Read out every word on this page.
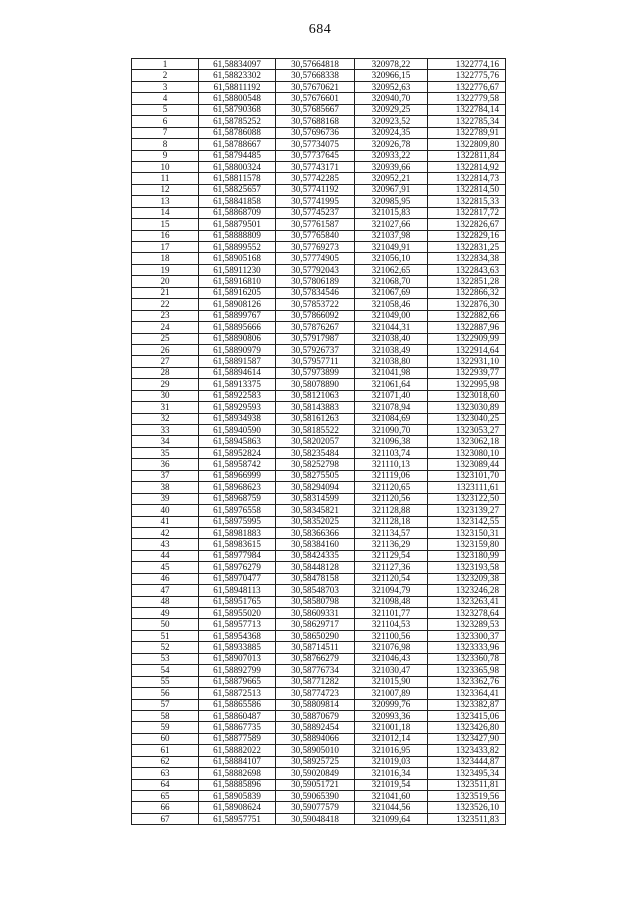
684
1	61,58834097	30,57664818	320978,22	1322774,16
2	61,58823302	30,57668338	320966,15	1322775,76
3	61,58811192	30,57670621	320952,63	1322776,67
4	61,58800548	30,57676601	320940,70	1322779,58
5	61,58790368	30,57685667	320929,25	1322784,14
6	61,58785252	30,57688168	320923,52	1322785,34
7	61,58786088	30,57696736	320924,35	1322789,91
8	61,58788667	30,57734075	320926,78	1322809,80
9	61,58794485	30,57737645	320933,22	1322811,84
10	61,58800324	30,57743171	320939,66	1322814,92
11	61,58811578	30,57742285	320952,21	1322814,73
12	61,58825657	30,57741192	320967,91	1322814,50
13	61,58841858	30,57741995	320985,95	1322815,33
14	61,58868709	30,57745237	321015,83	1322817,72
15	61,58879501	30,57761587	321027,66	1322826,67
16	61,58888809	30,57765840	321037,98	1322829,16
17	61,58899552	30,57769273	321049,91	1322831,25
18	61,58905168	30,57774905	321056,10	1322834,38
19	61,58911230	30,57792043	321062,65	1322843,63
20	61,58916810	30,57806189	321068,70	1322851,28
21	61,58916205	30,57834546	321067,69	1322866,32
22	61,58908126	30,57853722	321058,46	1322876,30
23	61,58899767	30,57866092	321049,00	1322882,66
24	61,58895666	30,57876267	321044,31	1322887,96
25	61,58890806	30,57917987	321038,40	1322909,99
26	61,58890979	30,57926737	321038,49	1322914,64
27	61,58891587	30,57957711	321038,80	1322931,10
28	61,58894614	30,57973899	321041,98	1322939,77
29	61,58913375	30,58078890	321061,64	1322995,98
30	61,58922583	30,58121063	321071,40	1323018,60
31	61,58929593	30,58143883	321078,94	1323030,89
32	61,58934938	30,58161263	321084,69	1323040,25
33	61,58940590	30,58185522	321090,70	1323053,27
34	61,58945863	30,58202057	321096,38	1323062,18
35	61,58952824	30,58235484	321103,74	1323080,10
36	61,58958742	30,58252798	321110,13	1323089,44
37	61,58966999	30,58275505	321119,06	1323101,70
38	61,58968623	30,58294094	321120,65	1323111,61
39	61,58968759	30,58314599	321120,56	1323122,50
40	61,58976558	30,58345821	321128,88	1323139,27
41	61,58975995	30,58352025	321128,18	1323142,55
42	61,58981883	30,58366366	321134,57	1323150,31
43	61,58983615	30,58384160	321136,29	1323159,80
44	61,58977984	30,58424335	321129,54	1323180,99
45	61,58976279	30,58448128	321127,36	1323193,58
46	61,58970477	30,58478158	321120,54	1323209,38
47	61,58948113	30,58548703	321094,79	1323246,28
48	61,58951765	30,58580798	321098,48	1323263,41
49	61,58955020	30,58609331	321101,77	1323278,64
50	61,58957713	30,58629717	321104,53	1323289,53
51	61,58954368	30,58650290	321100,56	1323300,37
52	61,58933885	30,58714511	321076,98	1323333,96
53	61,58907013	30,58766279	321046,43	1323360,78
54	61,58892799	30,58776734	321030,47	1323365,98
55	61,58879665	30,58771282	321015,90	1323362,76
56	61,58872513	30,58774723	321007,89	1323364,41
57	61,58865586	30,58809814	320999,76	1323382,87
58	61,58860487	30,58870679	320993,36	1323415,06
59	61,58867735	30,58892454	321001,18	1323426,80
60	61,58877589	30,58894066	321012,14	1323427,90
61	61,58882022	30,58905010	321016,95	1323433,82
62	61,58884107	30,58925725	321019,03	1323444,87
63	61,58882698	30,59020849	321016,34	1323495,34
64	61,58885896	30,59051721	321019,54	1323511,81
65	61,58905839	30,59065390	321041,60	1323519,56
66	61,58908624	30,59077579	321044,56	1323526,10
67	61,58957751	30,59048418	321099,64	1323511,83
